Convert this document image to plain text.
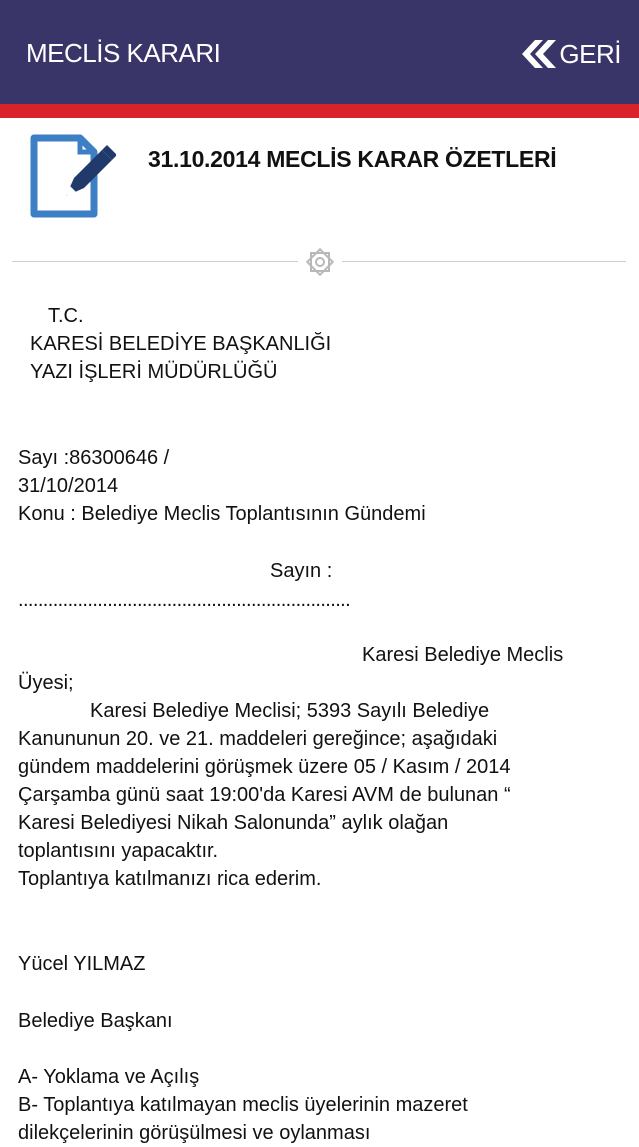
MECLİS KARARI	GERİ
31.10.2014 MECLİS KARAR ÖZETLERİ
T.C.
KARESİ BELEDİYE BAŞKANLIĞI
YAZI İŞLERİ MÜDÜRLÜĞÜ
Sayı :86300646 /
31/10/2014
Konu : Belediye Meclis Toplantısının Gündemi
Sayın :
...................................................................
Karesi Belediye Meclis
Üyesi;
Karesi Belediye Meclisi; 5393 Sayılı Belediye
Kanununun 20. ve 21. maddeleri gereğince; aşağıdaki
gündem maddelerini görüşmek üzere 05 / Kasım / 2014
Çarşamba günü saat 19:00'da Karesi AVM de bulunan “
Karesi Belediyesi Nikah Salonunda” aylık olağan
toplantısını yapacaktır.
Toplantıya katılmanızı rica ederim.
Yücel YILMAZ
Belediye Başkanı
A- Yoklama ve Açılış
B- Toplantıya katılmayan meclis üyelerinin mazeret
dilekçelerinin görüşülmesi ve oylanması
